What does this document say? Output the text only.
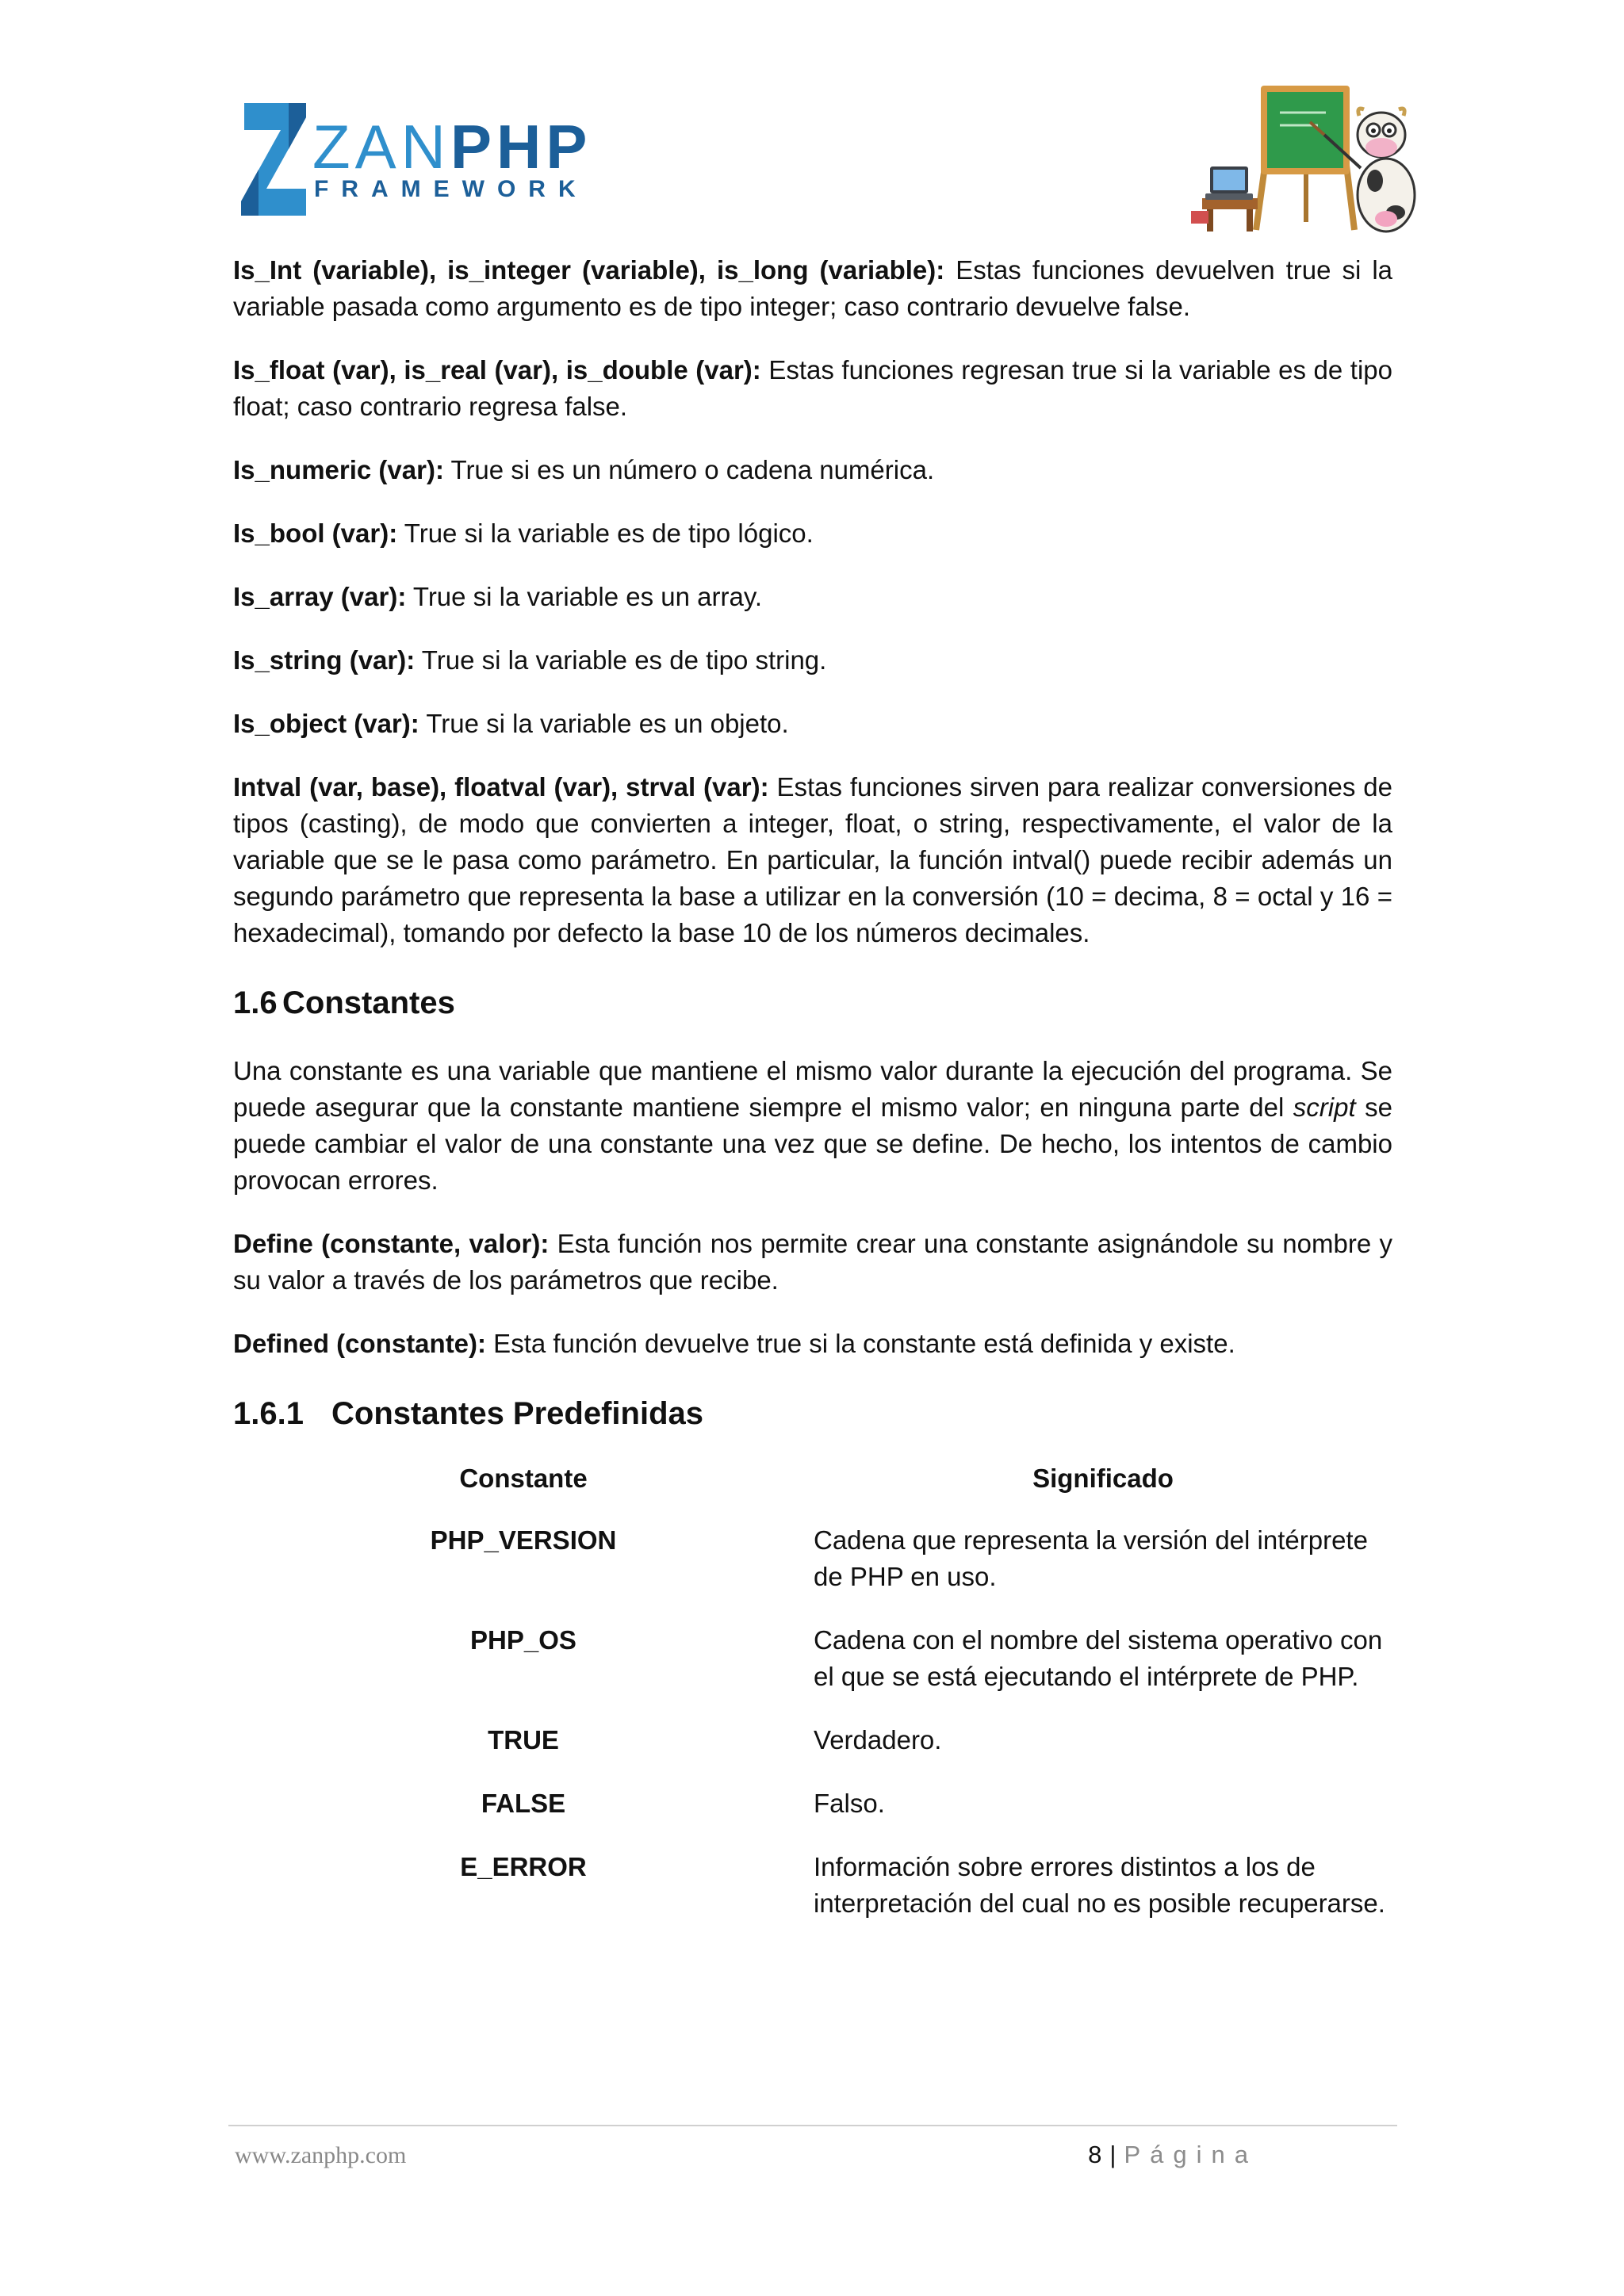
ZANPHP
FRAMEWORK

Is_Int (variable), is_integer (variable), is_long (variable): Estas funciones devuelven true si la variable pasada como argumento es de tipo integer; caso contrario devuelve false.

Is_float (var), is_real (var), is_double (var): Estas funciones regresan true si la variable es de tipo float; caso contrario regresa false.

Is_numeric (var): True si es un número o cadena numérica.

Is_bool (var): True si la variable es de tipo lógico.

Is_array (var): True si la variable es un array.

Is_string (var): True si la variable es de tipo string.

Is_object (var): True si la variable es un objeto.

Intval (var, base), floatval (var), strval (var): Estas funciones sirven para realizar conversiones de tipos (casting), de modo que convierten a integer, float, o string, respectivamente, el valor de la variable que se le pasa como parámetro. En particular, la función intval() puede recibir además un segundo parámetro que representa la base a utilizar en la conversión (10 = decima, 8 = octal y 16 = hexadecimal), tomando por defecto la base 10 de los números decimales.

1.6 Constantes

Una constante es una variable que mantiene el mismo valor durante la ejecución del programa. Se puede asegurar que la constante mantiene siempre el mismo valor; en ninguna parte del script se puede cambiar el valor de una constante una vez que se define. De hecho, los intentos de cambio provocan errores.

Define (constante, valor): Esta función nos permite crear una constante asignándole su nombre y su valor a través de los parámetros que recibe.

Defined (constante): Esta función devuelve true si la constante está definida y existe.

1.6.1 Constantes Predefinidas
Constante	Significado
PHP_VERSION	Cadena que representa la versión del intérprete de PHP en uso.
PHP_OS	Cadena con el nombre del sistema operativo con el que se está ejecutando el intérprete de PHP.
TRUE	Verdadero.
FALSE	Falso.
E_ERROR	Información sobre errores distintos a los de interpretación del cual no es posible recuperarse.
www.zanphp.com	8 | Página
